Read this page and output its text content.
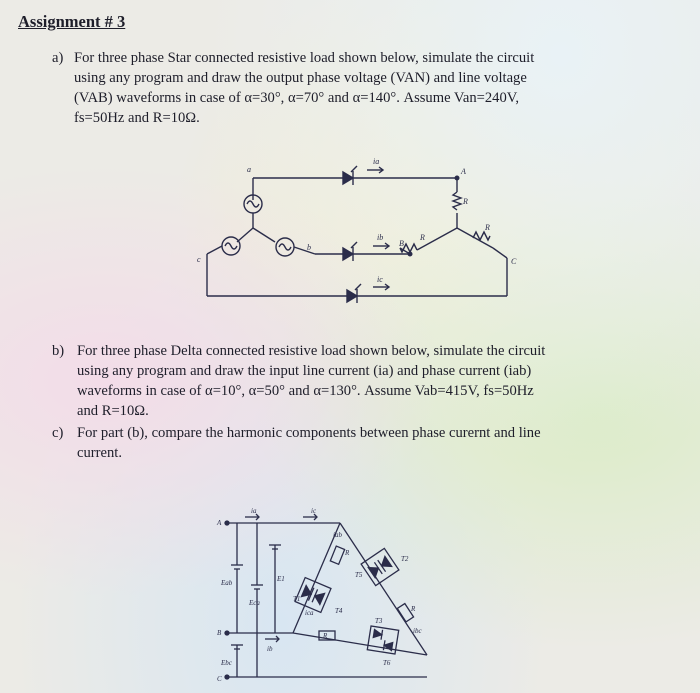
Assignment # 3
a) For three phase Star connected resistive load shown below, simulate the circuit
using any program and draw the output phase voltage (VAN) and line voltage
(VAB) waveforms in case of α=30°, α=70° and α=140°. Assume Van=240V,
fs=50Hz and R=10Ω.
a
b
c
ia
ib
ic
A
B
C
R
R
R
b) For three phase Delta connected resistive load shown below, simulate the circuit
using any program and draw the input line current (ia) and phase current (iab)
waveforms in case of α=10°, α=50° and α=130°. Assume Vab=415V, fs=50Hz
and R=10Ω.
c) For part (b), compare the harmonic components between phase curernt and line
current.
A
B
C
ia
ib
ic
Eab
Eca
Ebc
E1
R
R
R
T1
T2
T3
T4
T5
T6
iab
ibc
ica
